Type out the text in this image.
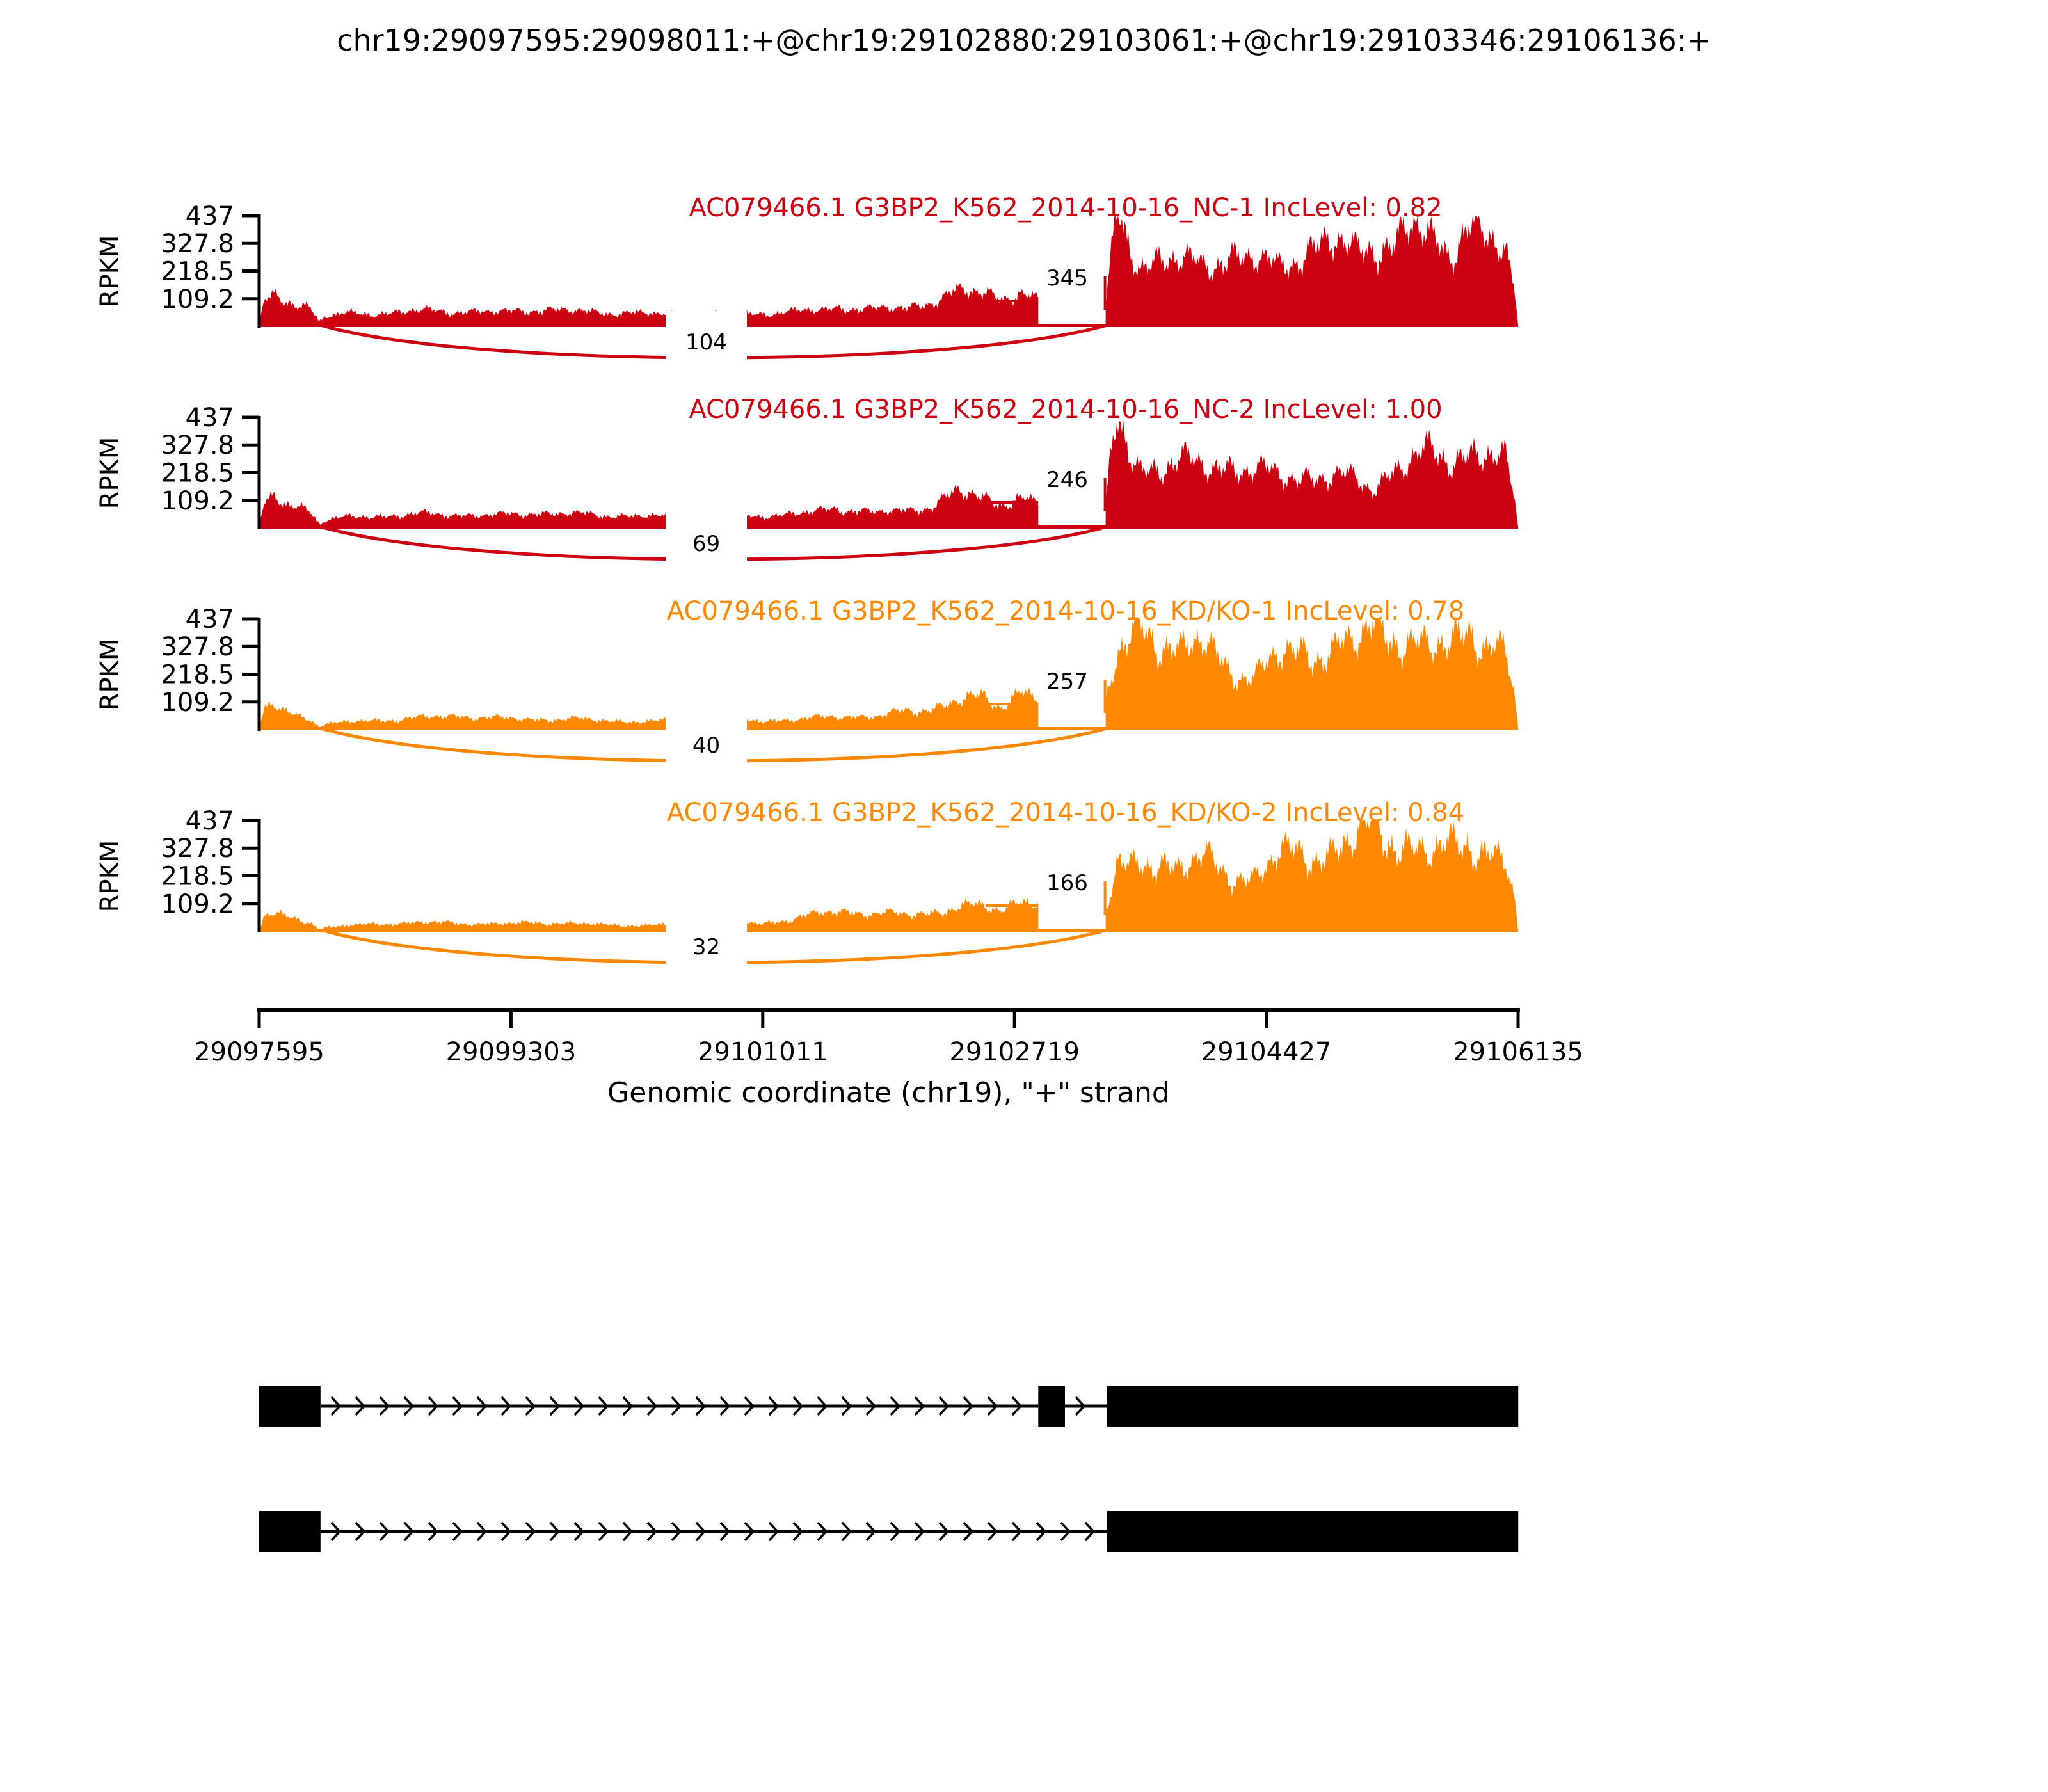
437
327.8
218.5
109.2
RPKM
437
327.8
218.5
109.2
RPKM
437
327.8
218.5
109.2
RPKM
437
327.8
218.5
109.2
RPKM
29097595	29099303	29101011	29102719	29104427	29106135
chr19:29097595:29098011:+@chr19:29102880:29103061:+@chr19:29103346:29106136:+
AC079466.1 G3BP2_K562_2014-10-16_NC-1 IncLevel: 0.82
AC079466.1 G3BP2_K562_2014-10-16_NC-2 IncLevel: 1.00
AC079466.1 G3BP2_K562_2014-10-16_KD/KO-1 IncLevel: 0.78
AC079466.1 G3BP2_K562_2014-10-16_KD/KO-2 IncLevel: 0.84
345
246
257
166
104
69
40
32
Genomic coordinate (chr19), "+" strand
